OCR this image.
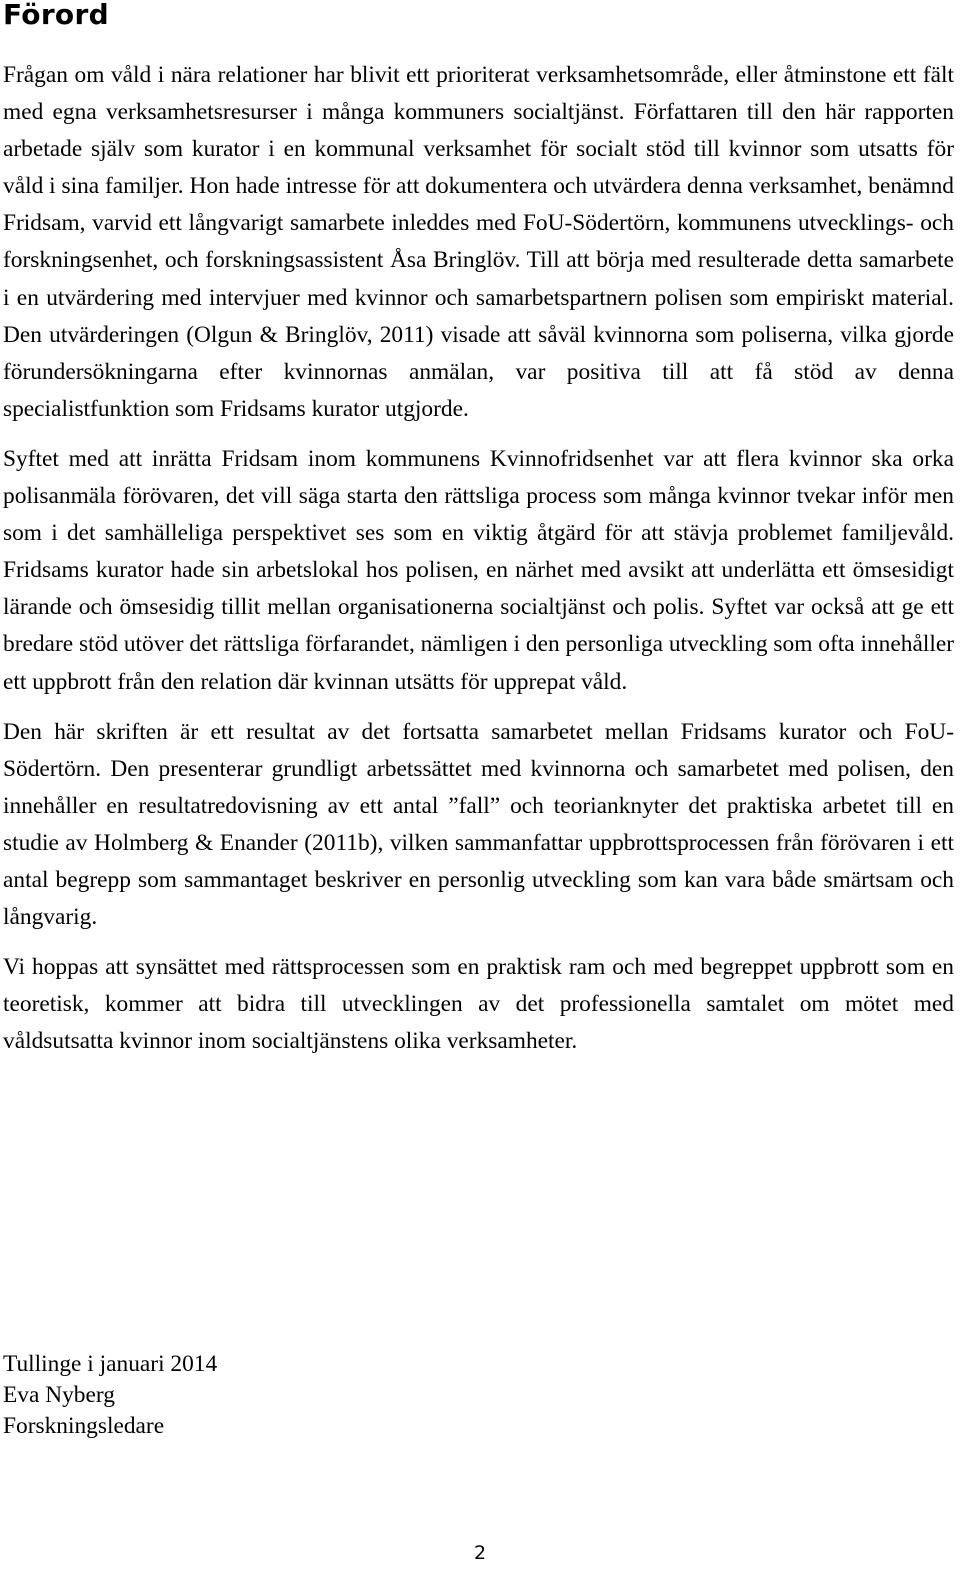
Förord

Frågan om våld i nära relationer har blivit ett prioriterat verksamhetsområde, eller åtminstone ett fält med egna verksamhetsresurser i många kommuners socialtjänst. Författaren till den här rapporten arbetade själv som kurator i en kommunal verksamhet för socialt stöd till kvinnor som utsatts för våld i sina familjer. Hon hade intresse för att dokumentera och utvärdera denna verksamhet, benämnd Fridsam, varvid ett långvarigt samarbete inleddes med FoU-Södertörn, kommunens utvecklings- och forskningsenhet, och forskningsassistent Åsa Bringlöv. Till att börja med resulterade detta samarbete i en utvärdering med intervjuer med kvinnor och samarbetspartnern polisen som empiriskt material. Den utvärderingen (Olgun & Bringlöv, 2011) visade att såväl kvinnorna som poliserna, vilka gjorde förundersökningarna efter kvinnornas anmälan, var positiva till att få stöd av denna specialistfunktion som Fridsams kurator utgjorde.

Syftet med att inrätta Fridsam inom kommunens Kvinnofridsenhet var att flera kvinnor ska orka polisanmäla förövaren, det vill säga starta den rättsliga process som många kvinnor tvekar inför men som i det samhälleliga perspektivet ses som en viktig åtgärd för att stävja problemet familjevåld. Fridsams kurator hade sin arbetslokal hos polisen, en närhet med avsikt att underlätta ett ömsesidigt lärande och ömsesidig tillit mellan organisationerna socialtjänst och polis. Syftet var också att ge ett bredare stöd utöver det rättsliga förfarandet, nämligen i den personliga utveckling som ofta innehåller ett uppbrott från den relation där kvinnan utsätts för upprepat våld.

Den här skriften är ett resultat av det fortsatta samarbetet mellan Fridsams kurator och FoU-Södertörn. Den presenterar grundligt arbetssättet med kvinnorna och samarbetet med polisen, den innehåller en resultatredovisning av ett antal ”fall” och teorianknyter det praktiska arbetet till en studie av Holmberg & Enander (2011b), vilken sammanfattar uppbrottsprocessen från förövaren i ett antal begrepp som sammantaget beskriver en personlig utveckling som kan vara både smärtsam och långvarig.

Vi hoppas att synsättet med rättsprocessen som en praktisk ram och med begreppet uppbrott som en teoretisk, kommer att bidra till utvecklingen av det professionella samtalet om mötet med våldsutsatta kvinnor inom socialtjänstens olika verksamheter.

Tullinge i januari 2014
Eva Nyberg
Forskningsledare
2
